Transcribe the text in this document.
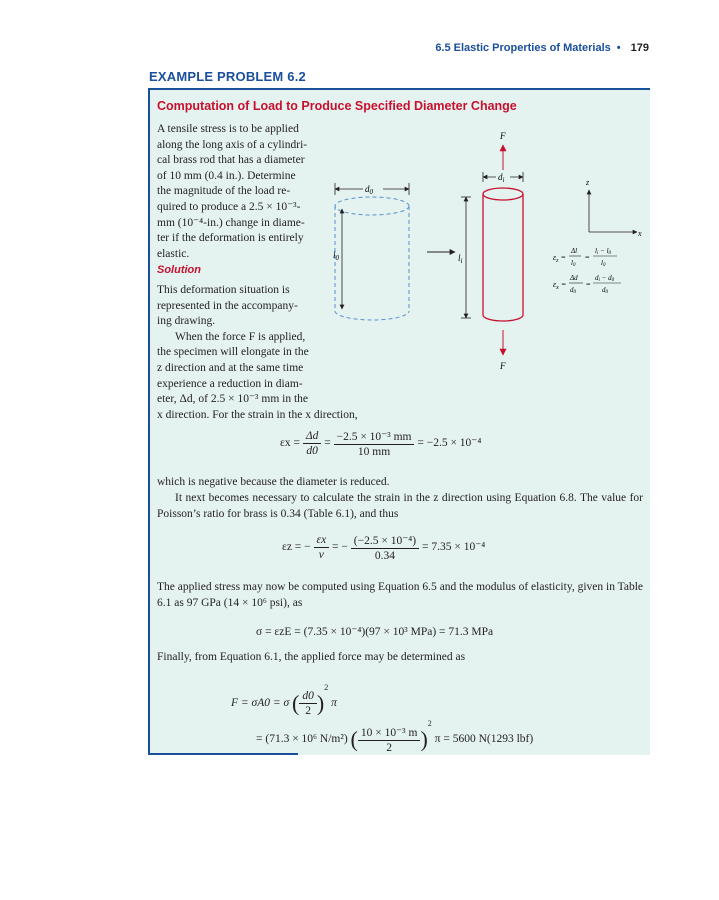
6.5 Elastic Properties of Materials • 179
EXAMPLE PROBLEM 6.2
Computation of Load to Produce Specified Diameter Change
A tensile stress is to be applied
along the long axis of a cylindri-
cal brass rod that has a diameter
of 10 mm (0.4 in.). Determine
the magnitude of the load re-
quired to produce a 2.5 × 10⁻³-
mm (10⁻⁴-in.) change in diame-
ter if the deformation is entirely
elastic.
Solution
This deformation situation is
represented in the accompany-
ing drawing.
When the force F is applied,
the specimen will elongate in the
z direction and at the same time
experience a reduction in diam-
eter, Δd, of 2.5 × 10⁻³ mm in the
x direction. For the strain in the x direction,
$d_0$
$l_0$
$d_i$
$l_i$
F
F
z
x
$\varepsilon_z$ =
Δl
l0
=
li − l0
l0
$\varepsilon_x$ =
Δd
d0
=
di − d0
d0
$\varepsilon x = \frac{\Delta d}{d0} = \frac{\text{−2.5 × 10⁻³ mm}}{10 mm} = -2.5 \times 10^{-4}$
which is negative because the diameter is reduced.
It next becomes necessary to calculate the strain in the z direction using Equation 6.8. The value for Poisson’s ratio for brass is 0.34 (Table 6.1), and thus
εz = − $\frac{\varepsilon x}{\nu}$ = − $\frac{\text{(−2.5 × 10⁻⁴)}}{0.34} = 7.35 \times 10^{-4}$
The applied stress may now be computed using Equation 6.5 and the modulus of elasticity, given in Table 6.1 as 97 GPa (14 × 10⁶ psi), as
σ = εzE = (7.35 × 10⁻⁴)(97 × 10³ MPa) = 71.3 MPa
Finally, from Equation 6.1, the applied force may be determined as
F = σA0 = σ ( $\frac{d0}{2} )^2$ π
= (71.3 × 10⁶ N/m²) ( $\frac{\text{10 × 10⁻³ m}}{2} )^2$ π = 5600 N(1293 lbf)
